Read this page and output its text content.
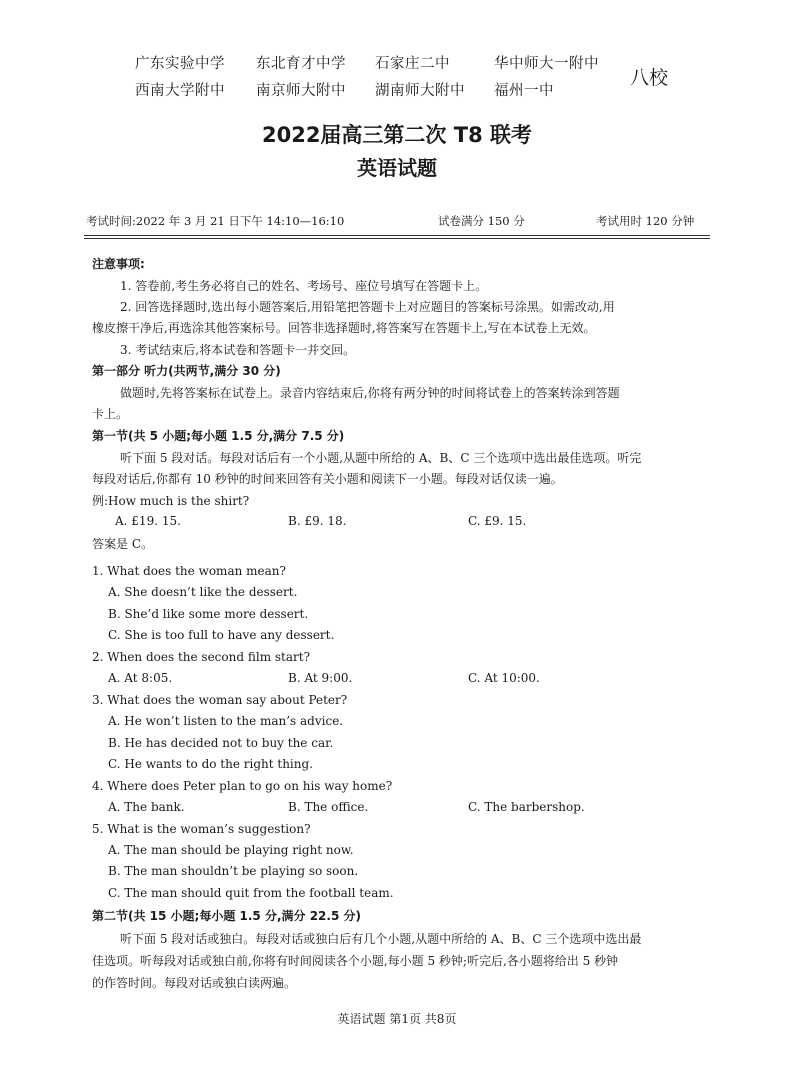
广东实验中学 东北育才中学 石家庄二中	华中师大一附中
西南大学附中 南京师大附中 湖南师大附中 福州一中
八校
2022届高三第二次 T8 联考
英语试题
考试时间:2022 年 3 月 21 日下午 14:10—16:10	试卷满分 150 分	考试用时 120 分钟
注意事项:
1. 答卷前,考生务必将自己的姓名、考场号、座位号填写在答题卡上。
2. 回答选择题时,选出每小题答案后,用铅笔把答题卡上对应题目的答案标号涂黑。如需改动,用
橡皮擦干净后,再选涂其他答案标号。回答非选择题时,将答案写在答题卡上,写在本试卷上无效。
3. 考试结束后,将本试卷和答题卡一并交回。
第一部分 听力(共两节,满分 30 分)
做题时,先将答案标在试卷上。录音内容结束后,你将有两分钟的时间将试卷上的答案转涂到答题
卡上。
第一节(共 5 小题;每小题 1.5 分,满分 7.5 分)
听下面 5 段对话。每段对话后有一个小题,从题中所给的 A、B、C 三个选项中选出最佳选项。听完
每段对话后,你都有 10 秒钟的时间来回答有关小题和阅读下一小题。每段对话仅读一遍。
例:How much is the shirt?
A. £19. 15.	B. £9. 18.	C. £9. 15.
答案是 C。
1. What does the woman mean?
A. She doesn’t like the dessert.
B. She’d like some more dessert.
C. She is too full to have any dessert.
2. When does the second film start?
A. At 8:05.	B. At 9:00.	C. At 10:00.
3. What does the woman say about Peter?
A. He won’t listen to the man’s advice.
B. He has decided not to buy the car.
C. He wants to do the right thing.
4. Where does Peter plan to go on his way home?
A. The bank.	B. The office.	C. The barbershop.
5. What is the woman’s suggestion?
A. The man should be playing right now.
B. The man shouldn’t be playing so soon.
C. The man should quit from the football team.
第二节(共 15 小题;每小题 1.5 分,满分 22.5 分)
听下面 5 段对话或独白。每段对话或独白后有几个小题,从题中所给的 A、B、C 三个选项中选出最
佳选项。听每段对话或独白前,你将有时间阅读各个小题,每小题 5 秒钟;听完后,各小题将给出 5 秒钟
的作答时间。每段对话或独白读两遍。
英语试题 第1页 共8页
